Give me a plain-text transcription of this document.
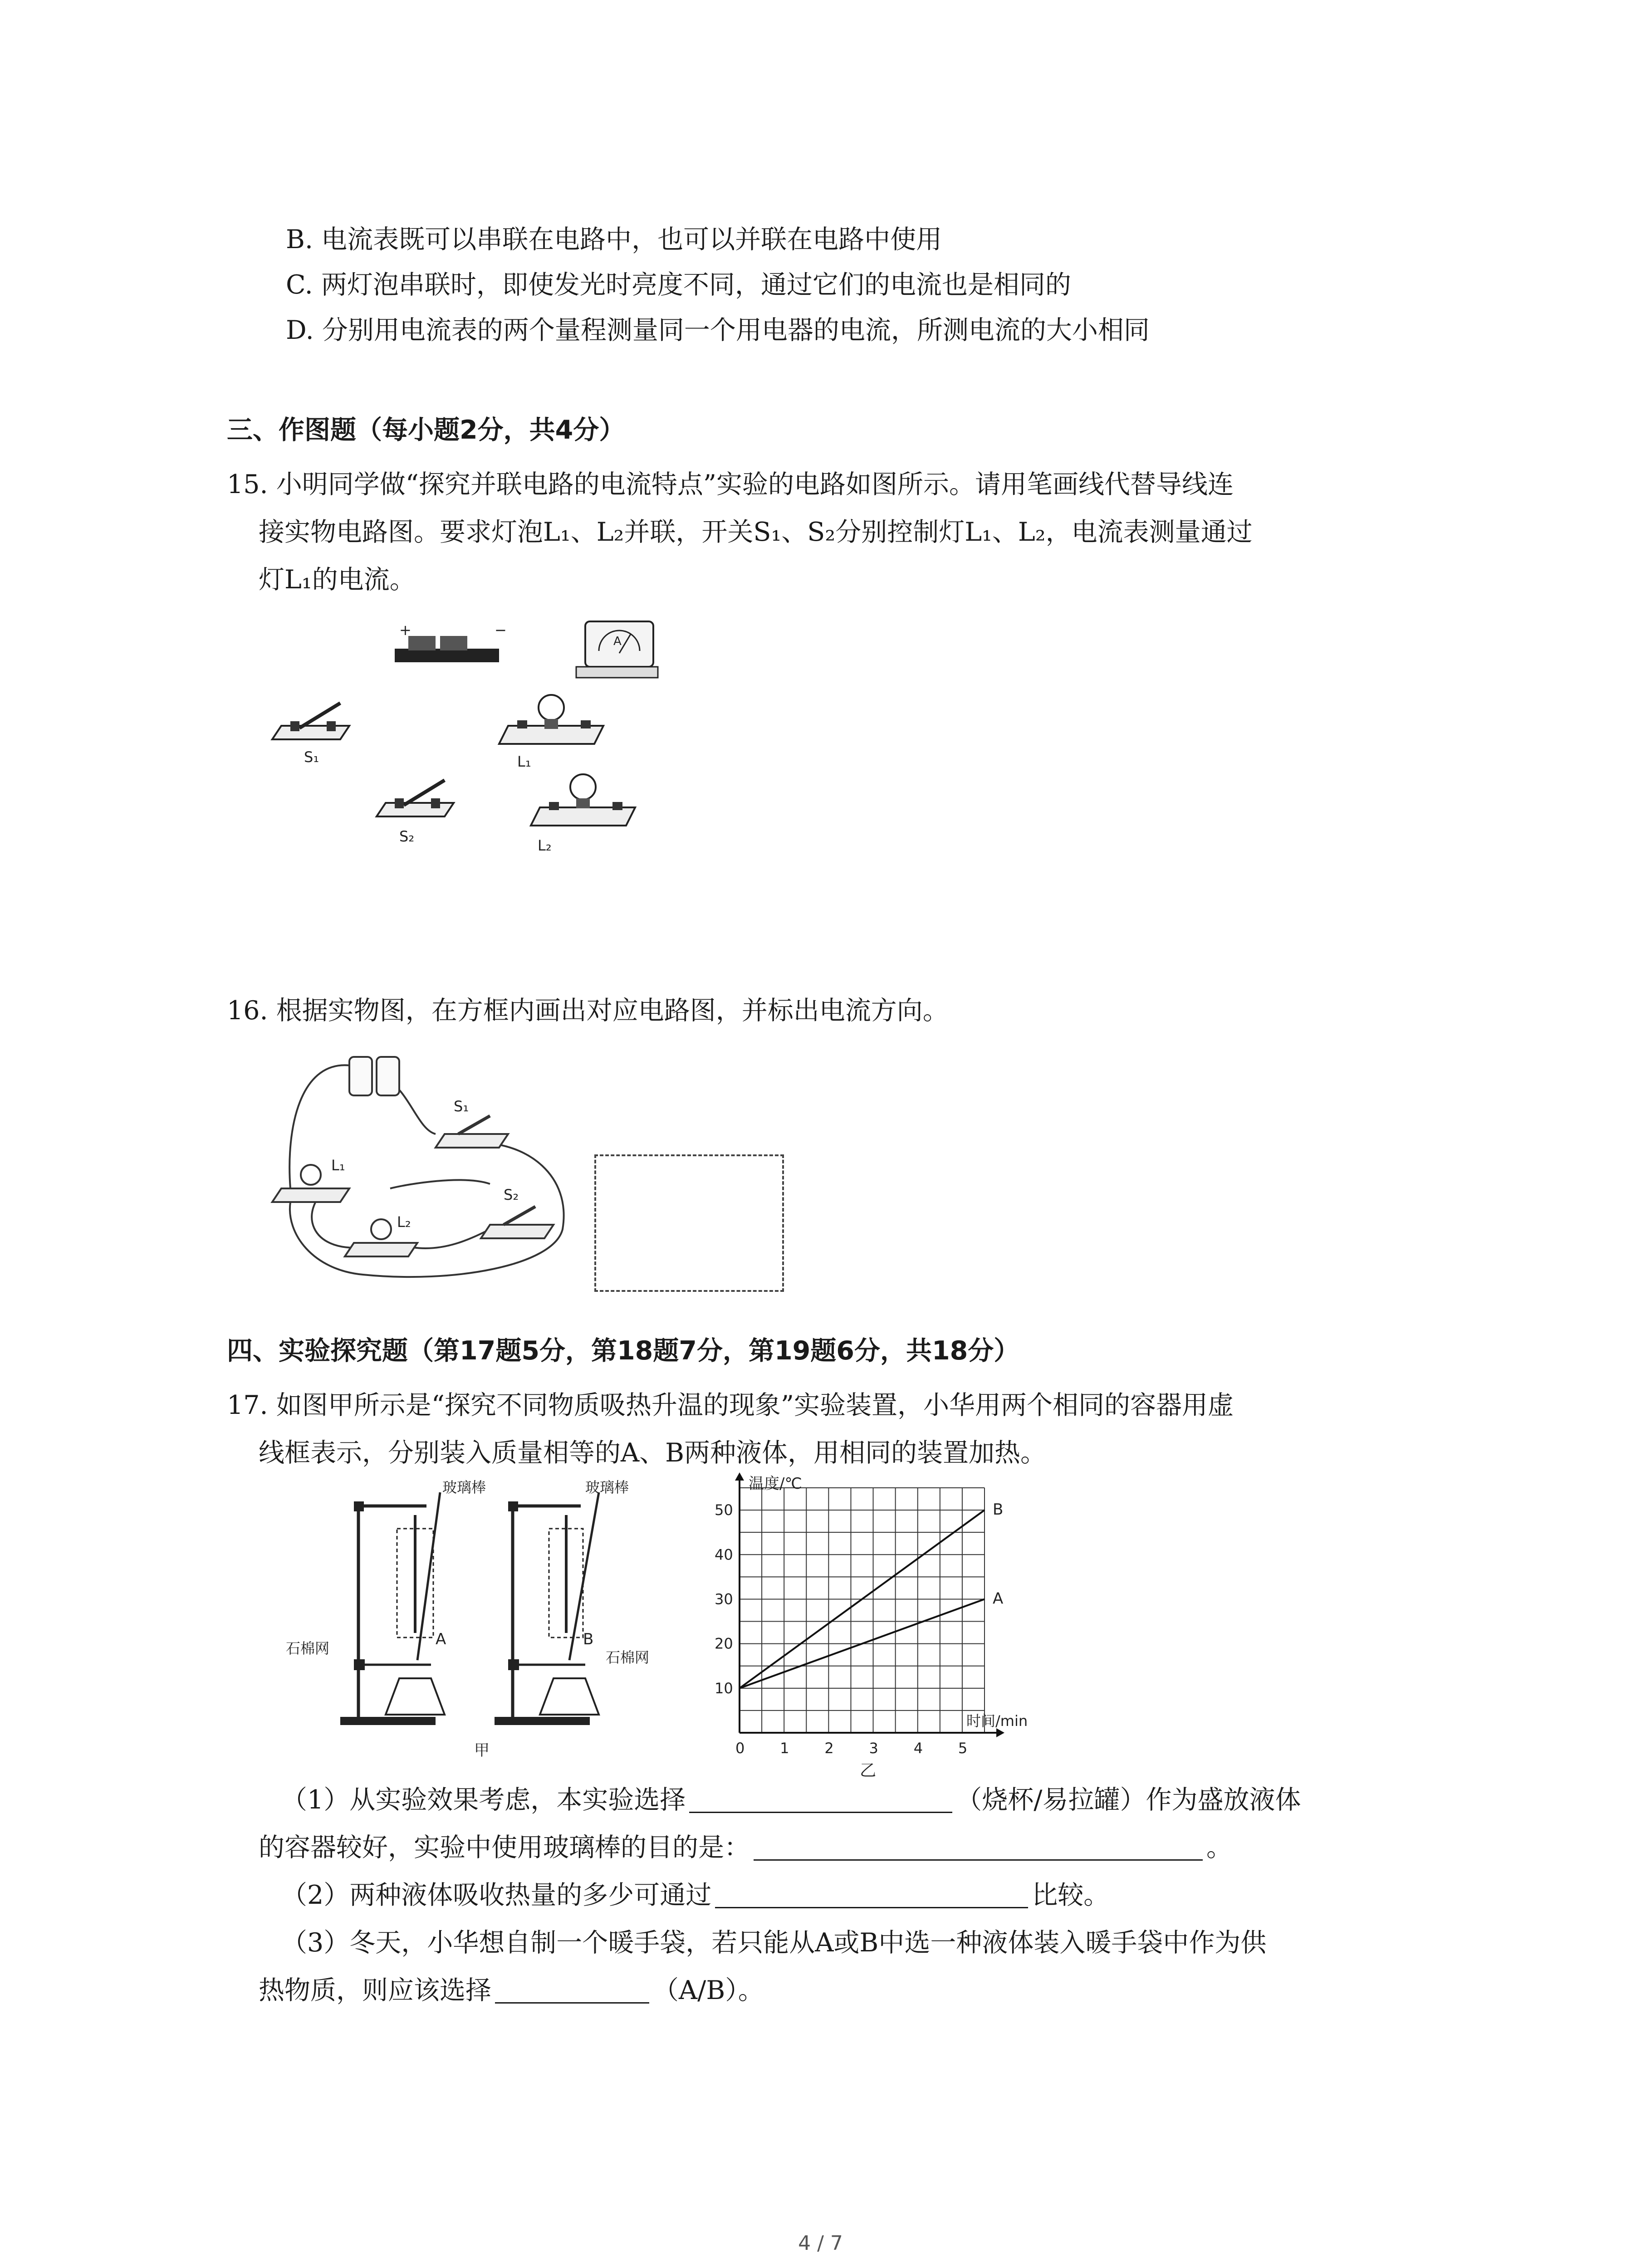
B. 电流表既可以串联在电路中，也可以并联在电路中使用
C. 两灯泡串联时，即使发光时亮度不同，通过它们的电流也是相同的
D. 分别用电流表的两个量程测量同一个用电器的电流，所测电流的大小相同
三、作图题（每小题2分，共4分）
15. 小明同学做“探究并联电路的电流特点”实验的电路如图所示。请用笔画线代替导线连
接实物电路图。要求灯泡L₁、L₂并联，开关S₁、S₂分别控制灯L₁、L₂，电流表测量通过
灯L₁的电流。
+	−
A
S₁	L₁
S₂
L₂
16. 根据实物图，在方框内画出对应电路图，并标出电流方向。
S₁
L₁
L₂
S₂
四、实验探究题（第17题5分，第18题7分，第19题6分，共18分）
17. 如图甲所示是“探究不同物质吸热升温的现象”实验装置，小华用两个相同的容器用虚
线框表示，分别装入质量相等的A、B两种液体，用相同的装置加热。
玻璃棒
A
石棉网
玻璃棒
B
石棉网
甲	0 1 2 3 4 5
10
20
30
40
50
温度/℃
时间/min
B
A
乙
（1）从实验效果考虑，本实验选择	（烧杯/易拉罐）作为盛放液体
的容器较好，实验中使用玻璃棒的目的是：	。
（2）两种液体吸收热量的多少可通过	比较。
（3）冬天，小华想自制一个暖手袋，若只能从A或B中选一种液体装入暖手袋中作为供
热物质，则应该选择	（A/B）。
4 / 7
